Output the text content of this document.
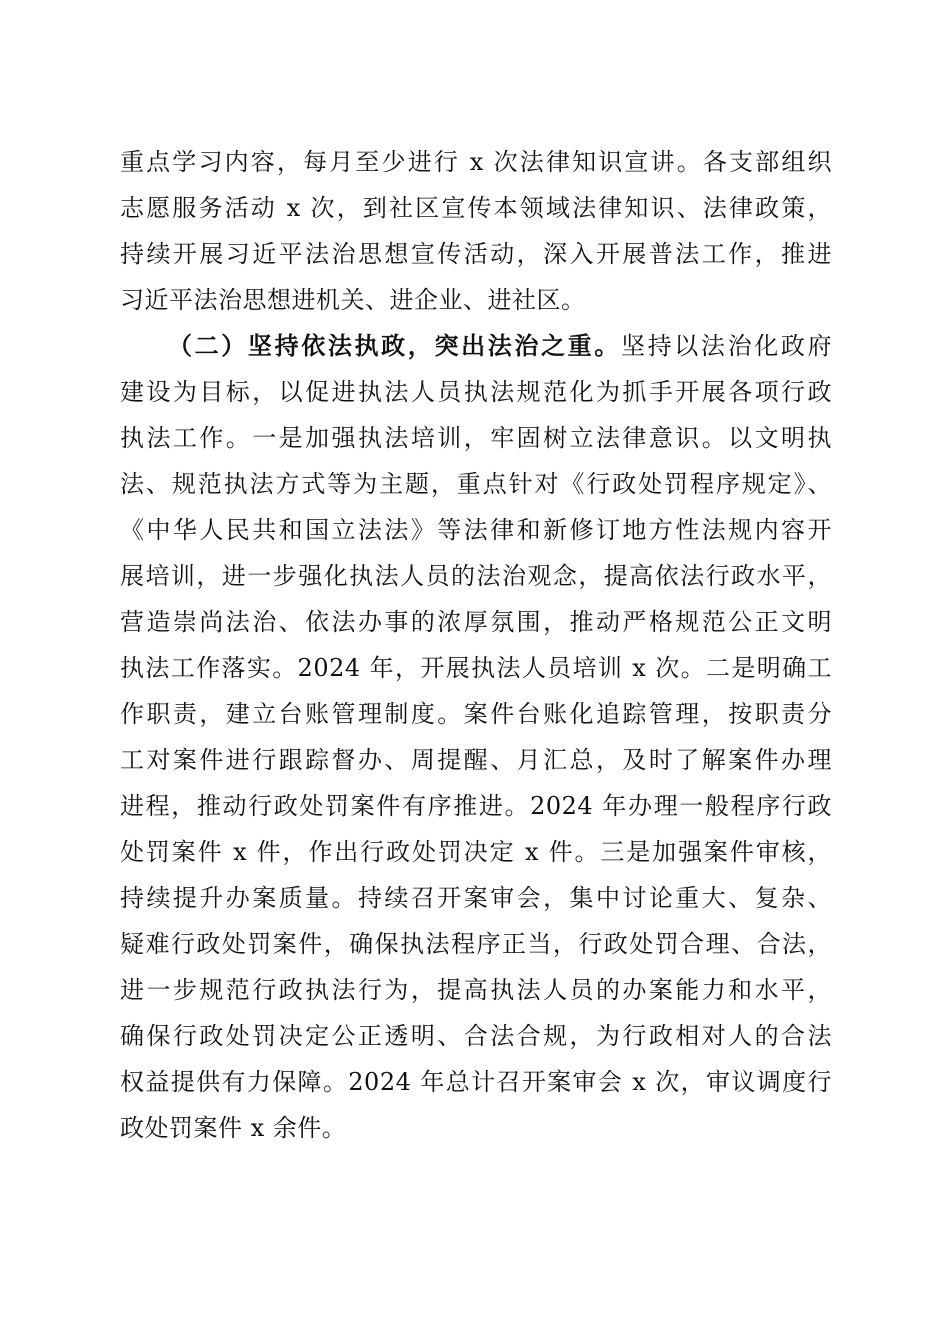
重点学习内容，每月至少进行 x 次法律知识宣讲。各支部组织
志愿服务活动 x 次，到社区宣传本领域法律知识、法律政策，
持续开展习近平法治思想宣传活动，深入开展普法工作，推进
习近平法治思想进机关、进企业、进社区。
（二）坚持依法执政，突出法治之重。坚持以法治化政府
建设为目标，以促进执法人员执法规范化为抓手开展各项行政
执法工作。一是加强执法培训，牢固树立法律意识。以文明执
法、规范执法方式等为主题，重点针对《行政处罚程序规定》、
《中华人民共和国立法法》等法律和新修订地方性法规内容开
展培训，进一步强化执法人员的法治观念，提高依法行政水平，
营造崇尚法治、依法办事的浓厚氛围，推动严格规范公正文明
执法工作落实。2024 年，开展执法人员培训 x 次。二是明确工
作职责，建立台账管理制度。案件台账化追踪管理，按职责分
工对案件进行跟踪督办、周提醒、月汇总，及时了解案件办理
进程，推动行政处罚案件有序推进。2024 年办理一般程序行政
处罚案件 x 件，作出行政处罚决定 x 件。三是加强案件审核，
持续提升办案质量。持续召开案审会，集中讨论重大、复杂、
疑难行政处罚案件，确保执法程序正当，行政处罚合理、合法，
进一步规范行政执法行为，提高执法人员的办案能力和水平，
确保行政处罚决定公正透明、合法合规，为行政相对人的合法
权益提供有力保障。2024 年总计召开案审会 x 次，审议调度行
政处罚案件 x 余件。
